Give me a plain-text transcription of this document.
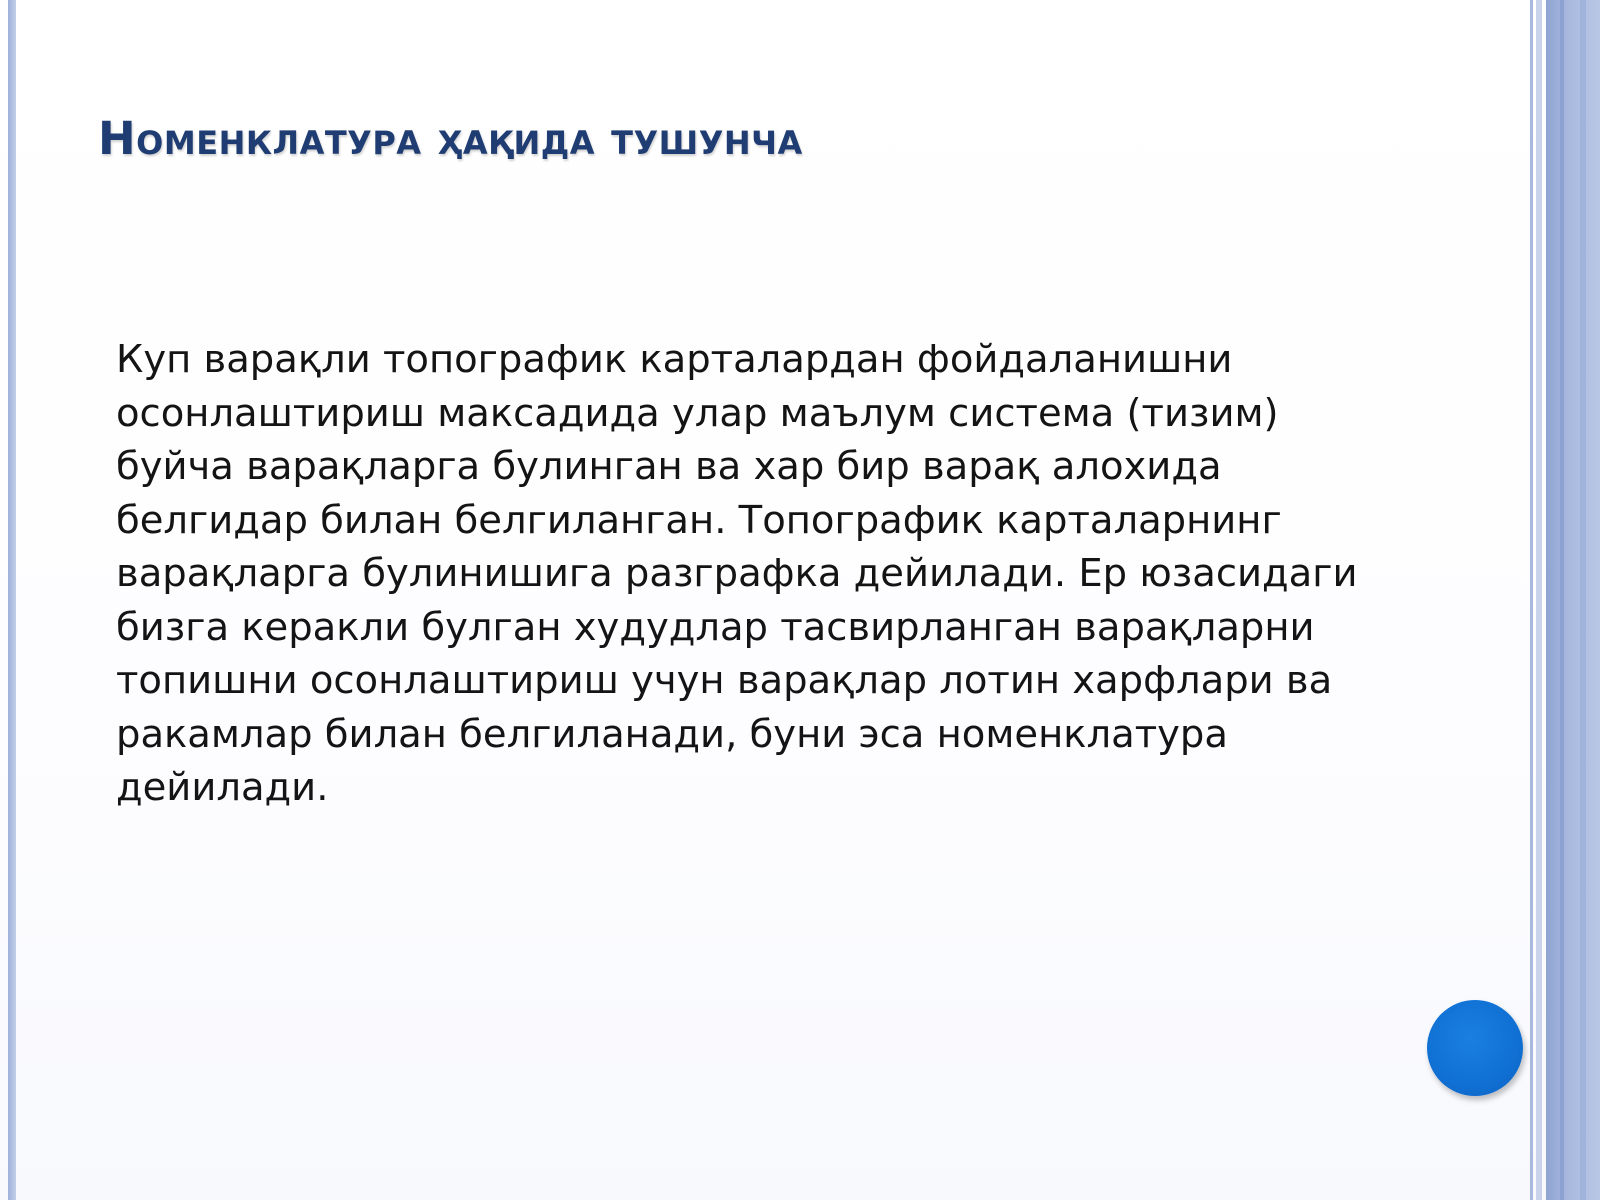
Номенклатура ҳақида тушунча
Куп варақли топографик карталардан фойдаланишни
осонлаштириш максадида улар маълум система (тизим)
буйча варақларга булинган ва хар бир варақ алохида
белгидар билан белгиланган. Топографик карталарнинг
варақларга булинишига разграфка дейилади. Ер юзасидаги
бизга керакли булган худудлар тасвирланган варақларни
топишни осонлаштириш учун варақлар лотин харфлари ва
ракамлар билан белгиланади, буни эса номенклатура
дейилади.
